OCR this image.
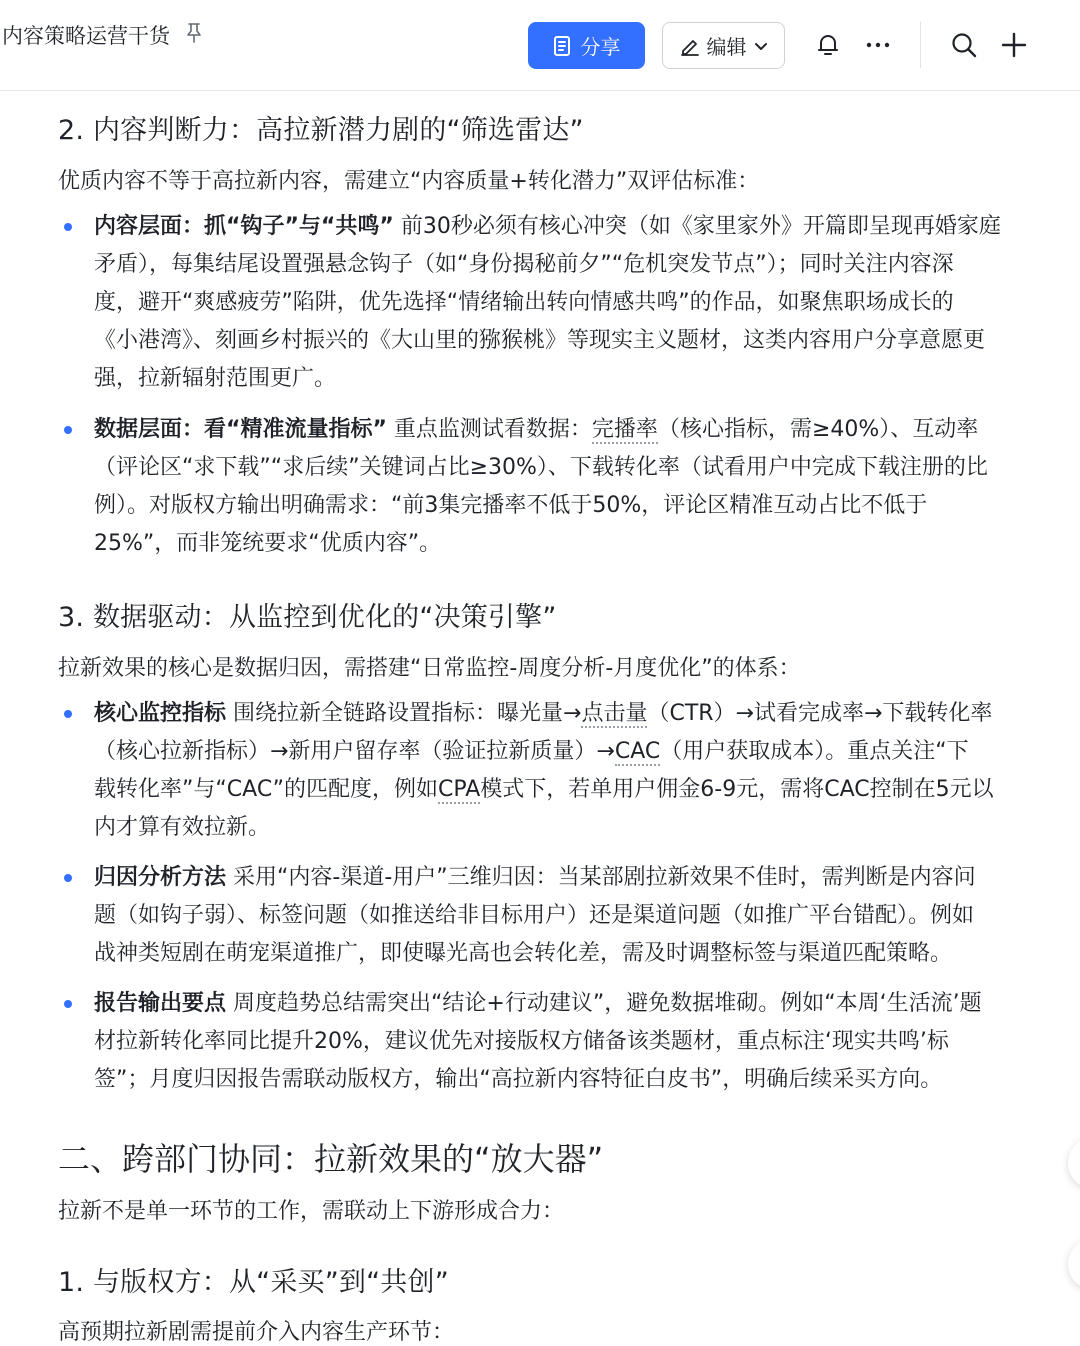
内容策略运营干货	分享	编辑
2. 内容判断力：高拉新潜力剧的“筛选雷达”
优质内容不等于高拉新内容，需建立“内容质量+转化潜力”双评估标准：
内容层面：抓“钩子”与“共鸣” 前30秒必须有核心冲突（如《家里家外》开篇即呈现再婚家庭
矛盾），每集结尾设置强悬念钩子（如“身份揭秘前夕”“危机突发节点”）；同时关注内容深
度，避开“爽感疲劳”陷阱，优先选择“情绪输出转向情感共鸣”的作品，如聚焦职场成长的
《小港湾》、刻画乡村振兴的《大山里的猕猴桃》等现实主义题材，这类内容用户分享意愿更
强，拉新辐射范围更广。
数据层面：看“精准流量指标” 重点监测试看数据：完播率（核心指标，需≥40%）、互动率
（评论区“求下载”“求后续”关键词占比≥30%）、下载转化率（试看用户中完成下载注册的比
例）。对版权方输出明确需求：“前3集完播率不低于50%，评论区精准互动占比不低于
25%”，而非笼统要求“优质内容”。
3. 数据驱动：从监控到优化的“决策引擎”
拉新效果的核心是数据归因，需搭建“日常监控-周度分析-月度优化”的体系：
核心监控指标 围绕拉新全链路设置指标：曝光量→点击量（CTR）→试看完成率→下载转化率
（核心拉新指标）→新用户留存率（验证拉新质量）→CAC（用户获取成本）。重点关注“下
载转化率”与“CAC”的匹配度，例如CPA模式下，若单用户佣金6-9元，需将CAC控制在5元以
内才算有效拉新。
归因分析方法 采用“内容-渠道-用户”三维归因：当某部剧拉新效果不佳时，需判断是内容问
题（如钩子弱）、标签问题（如推送给非目标用户）还是渠道问题（如推广平台错配）。例如
战神类短剧在萌宠渠道推广，即使曝光高也会转化差，需及时调整标签与渠道匹配策略。
报告输出要点 周度趋势总结需突出“结论+行动建议”，避免数据堆砌。例如“本周‘生活流’题
材拉新转化率同比提升20%，建议优先对接版权方储备该类题材，重点标注‘现实共鸣’标
签”；月度归因报告需联动版权方，输出“高拉新内容特征白皮书”，明确后续采买方向。
二、跨部门协同：拉新效果的“放大器”
拉新不是单一环节的工作，需联动上下游形成合力：
1. 与版权方：从“采买”到“共创”
高预期拉新剧需提前介入内容生产环节：
